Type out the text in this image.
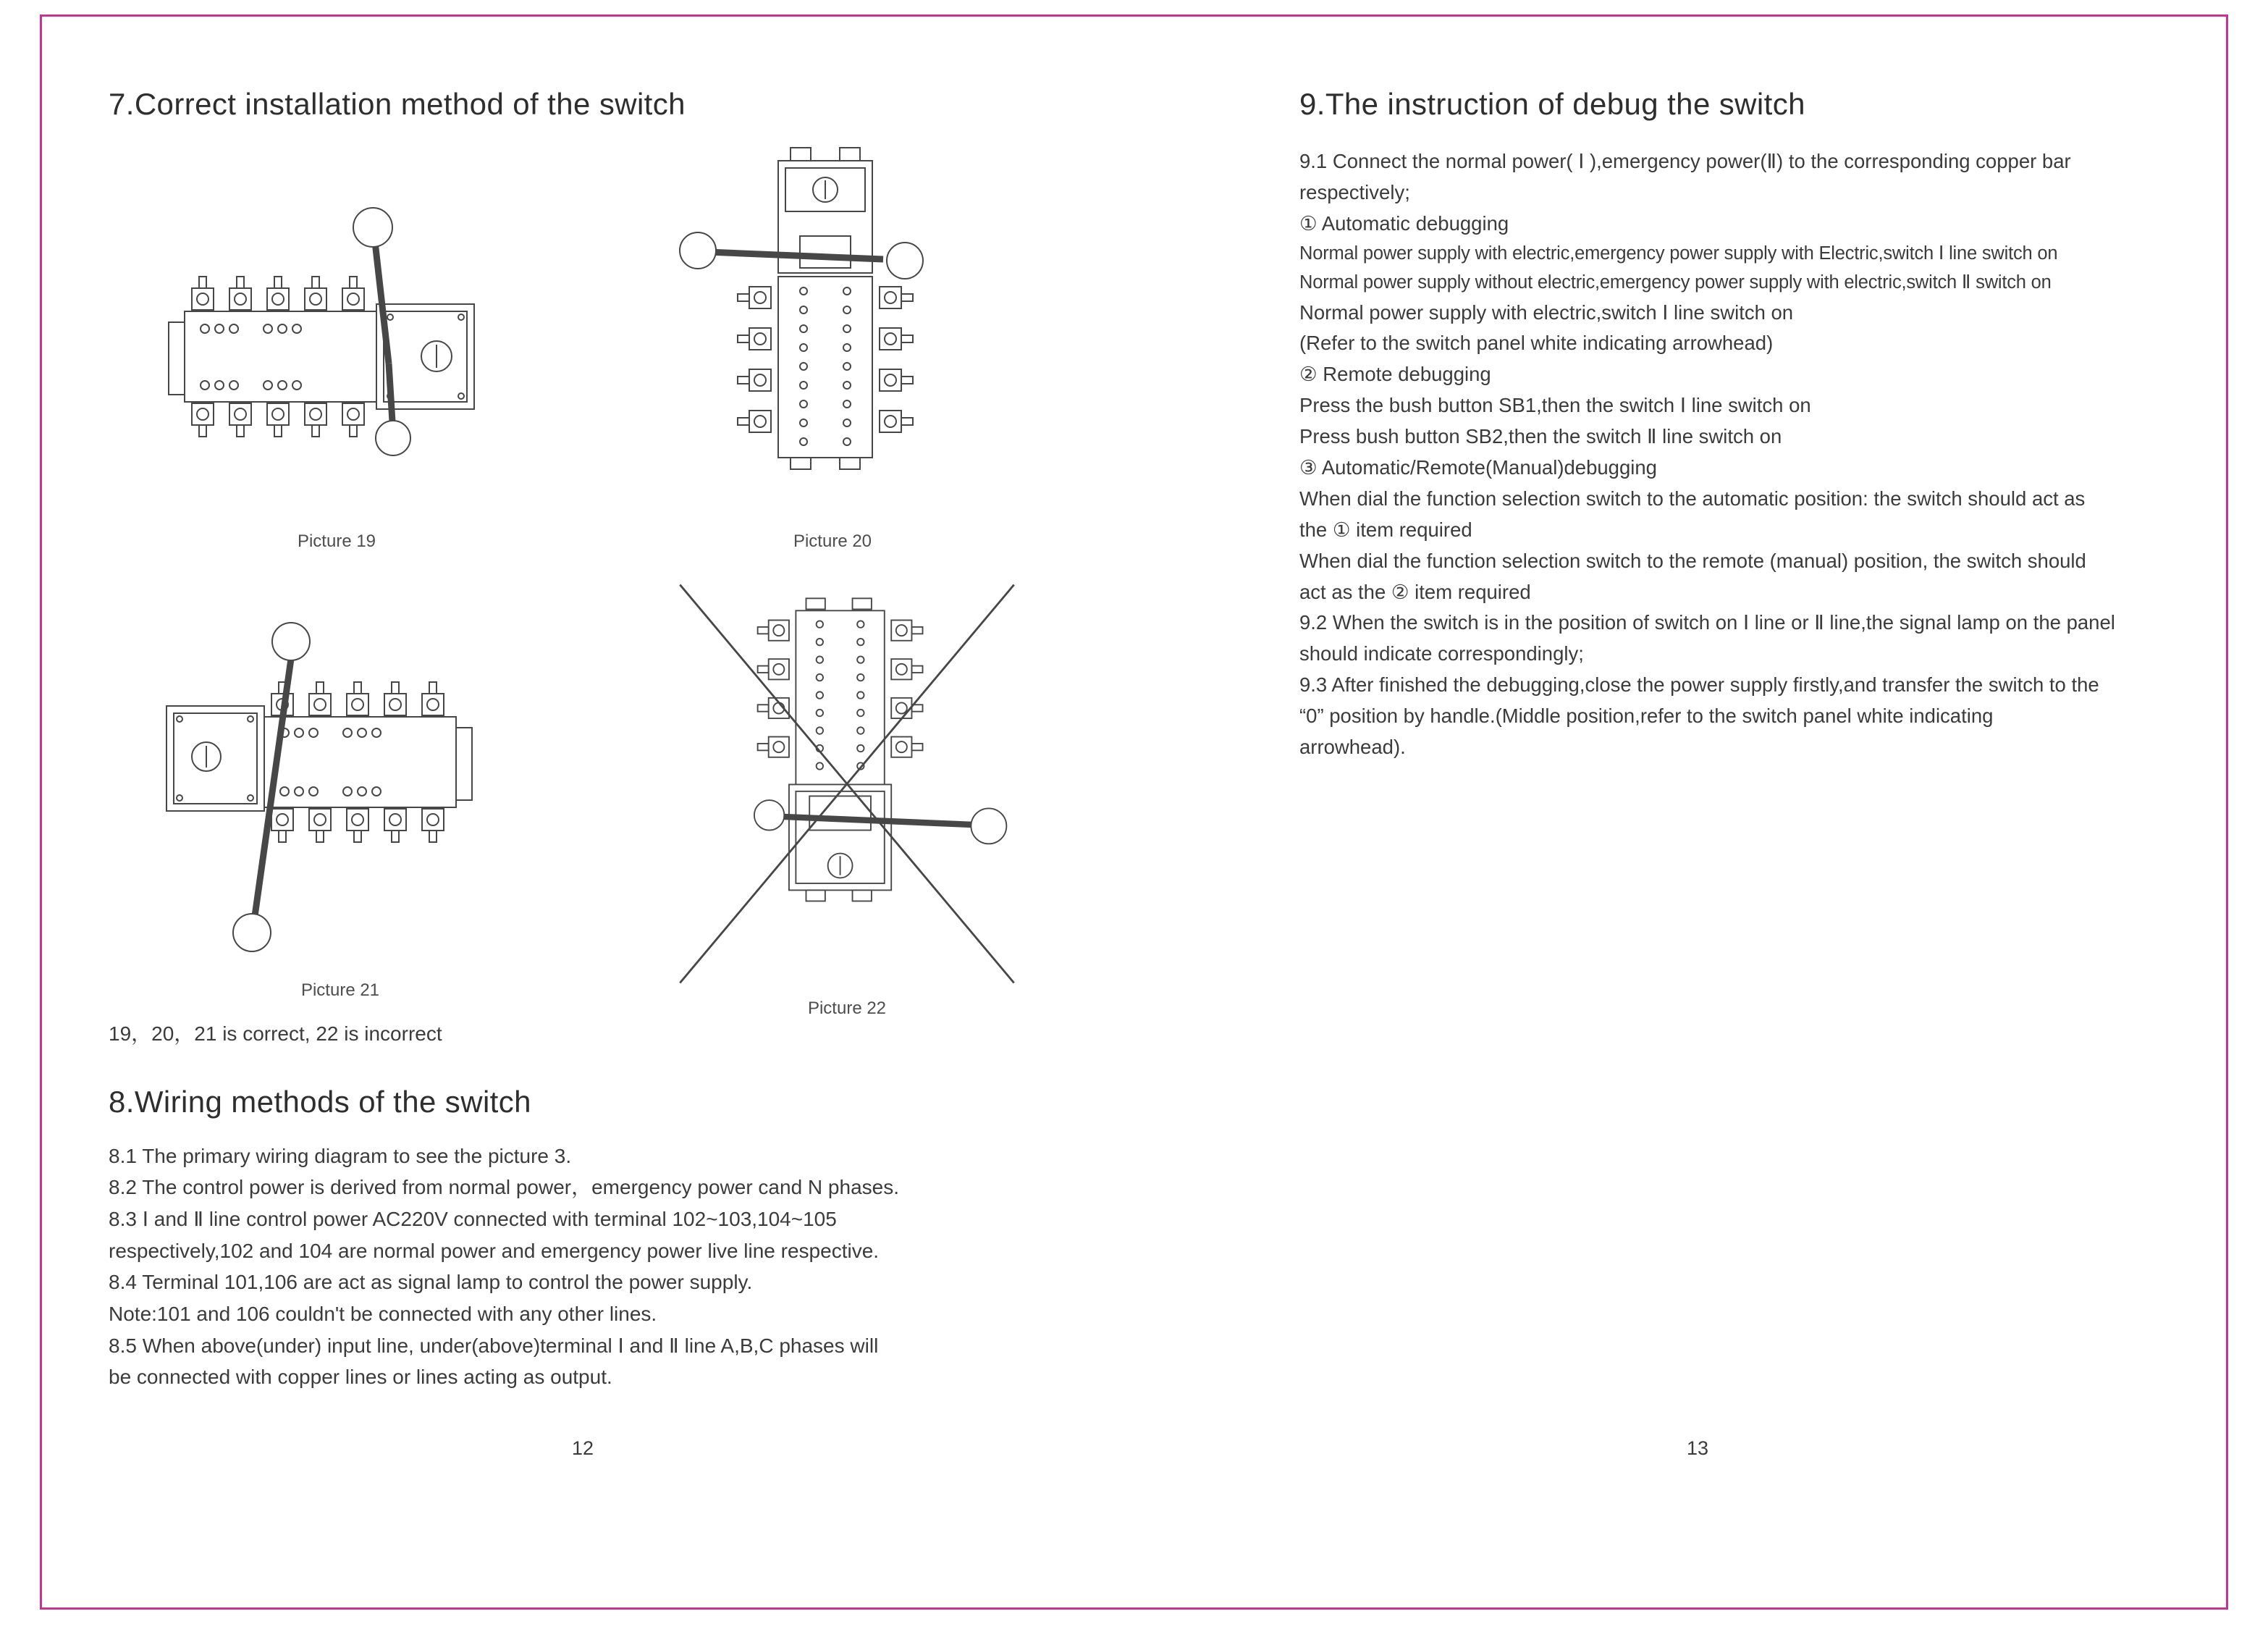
7.Correct installation method of the switch
Picture 19	Picture 20
Picture 21
Picture 22

19，20，21 is correct, 22 is incorrect

8.Wiring methods of the switch

8.1 The primary wiring diagram to see the picture 3.

8.2 The control power is derived from normal power，emergency power cand N phases.

8.3 Ⅰ and Ⅱ line control power AC220V connected with terminal 102~103,104~105

respectively,102 and 104 are normal power and emergency power live line respective.

8.4 Terminal 101,106 are act as signal lamp to control the power supply.

Note:101 and 106 couldn't be connected with any other lines.

8.5 When above(under) input line, under(above)terminal Ⅰ and Ⅱ line A,B,C phases will

be connected with copper lines or lines acting as output.

9.The instruction of debug the switch

9.1 Connect the normal power( Ⅰ ),emergency power(Ⅱ) to the corresponding copper bar

respectively;

① Automatic debugging

Normal power supply with electric,emergency power supply with Electric,switch Ⅰ line switch on

Normal power supply without electric,emergency power supply with electric,switch Ⅱ switch on

Normal power supply with electric,switch Ⅰ line switch on

(Refer to the switch panel white indicating arrowhead)

② Remote debugging

Press the bush button SB1,then the switch Ⅰ line switch on

Press bush button SB2,then the switch Ⅱ line switch on

③ Automatic/Remote(Manual)debugging

When dial the function selection switch to the automatic position: the switch should act as

the ① item required

When dial the function selection switch to the remote (manual) position, the switch should

act as the ② item required

9.2 When the switch is in the position of switch on Ⅰ line or Ⅱ line,the signal lamp on the panel

should indicate correspondingly;

9.3 After finished the debugging,close the power supply firstly,and transfer the switch to the

“0” position by handle.(Middle position,refer to the switch panel white indicating

arrowhead).

12	13
